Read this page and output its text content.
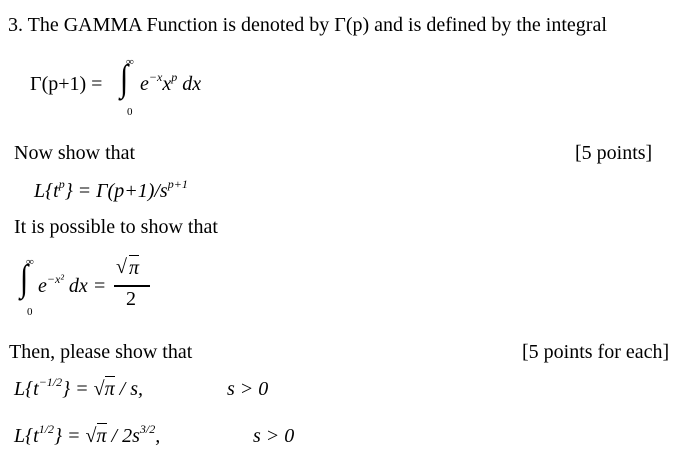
3. The GAMMA Function is denoted by Γ(p) and is defined by the integral
Γ(p+1) =
∞
∫
0
$e^{-x}x^p$ dx
Now show that	[5 points]
$L\{t^p\} = \Gamma(p+1)/s^{p+1}$
It is possible to show that
∞
∫
0
$e^{-x^2}$ dx =
√ π
2
Then, please show that	[5 points for each]
$L\{t^{-1/2}\} = √\pi / s$,	s > 0
$L\{t^{1/2}\} = √\pi / 2s^{3/2}$,	s > 0
